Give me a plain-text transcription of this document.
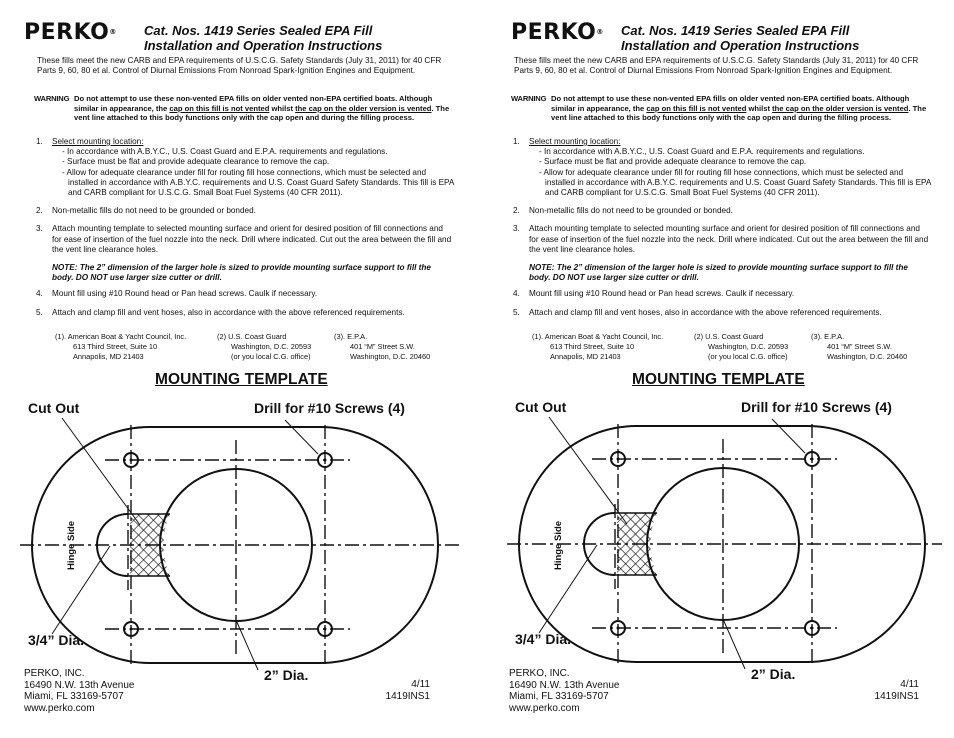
PERKO® Cat. Nos. 1419 Series Sealed EPA Fill
Installation and Operation Instructions
These fills meet the new CARB and EPA requirements of U.S.C.G. Safety Standards (July 31, 2011) for 40 CFR Parts 9, 60, 80 et al. Control of Diurnal Emissions From Nonroad Spark-Ignition Engines and Equipment.
WARNING Do not attempt to use these non-vented EPA fills on older vented non-EPA certified boats. Although similar in appearance, the cap on this fill is not vented whilst the cap on the older version is vented. The vent line attached to this body functions only with the cap open and during the filling process.
1. Select mounting location:
- In accordance with A.B.Y.C., U.S. Coast Guard and E.P.A. requirements and regulations.
- Surface must be flat and provide adequate clearance to remove the cap.
- Allow for adequate clearance under fill for routing fill hose connections, which must be selected and installed in accordance with A.B.Y.C. requirements and U.S. Coast Guard Safety Standards. This fill is EPA and CARB compliant for U.S.C.G. Small Boat Fuel Systems (40 CFR 2011).
2. Non-metallic fills do not need to be grounded or bonded.
3. Attach mounting template to selected mounting surface and orient for desired position of fill connections and for ease of insertion of the fuel nozzle into the neck. Drill where indicated. Cut out the area between the fill and the vent line clearance holes.
NOTE: The 2” dimension of the larger hole is sized to provide mounting surface support to fill the body. DO NOT use larger size cutter or drill.
4. Mount fill using #10 Round head or Pan head screws. Caulk if necessary.
5. Attach and clamp fill and vent hoses, also in accordance with the above referenced requirements.
(1). American Boat & Yacht Council, Inc.
613 Third Street, Suite 10
Annapolis, MD 21403
(2) U.S. Coast Guard
Washington, D.C. 20593
(or you local C.G. office)
(3). E.P.A.
401 “M” Street S.W.
Washington, D.C. 20460
MOUNTING TEMPLATE
Cut Out	Drill for #10 Screws (4)
3/4” Dia.
2” Dia.
Hinge Side
PERKO, INC.
16490 N.W. 13th Avenue
Miami, FL 33169-5707
www.perko.com
4/11
1419INS1
PERKO® Cat. Nos. 1419 Series Sealed EPA Fill
Installation and Operation Instructions
These fills meet the new CARB and EPA requirements of U.S.C.G. Safety Standards (July 31, 2011) for 40 CFR Parts 9, 60, 80 et al. Control of Diurnal Emissions From Nonroad Spark-Ignition Engines and Equipment.
WARNING Do not attempt to use these non-vented EPA fills on older vented non-EPA certified boats. Although similar in appearance, the cap on this fill is not vented whilst the cap on the older version is vented. The vent line attached to this body functions only with the cap open and during the filling process.
1. Select mounting location:
- In accordance with A.B.Y.C., U.S. Coast Guard and E.P.A. requirements and regulations.
- Surface must be flat and provide adequate clearance to remove the cap.
- Allow for adequate clearance under fill for routing fill hose connections, which must be selected and installed in accordance with A.B.Y.C. requirements and U.S. Coast Guard Safety Standards. This fill is EPA and CARB compliant for U.S.C.G. Small Boat Fuel Systems (40 CFR 2011).
2. Non-metallic fills do not need to be grounded or bonded.
3. Attach mounting template to selected mounting surface and orient for desired position of fill connections and for ease of insertion of the fuel nozzle into the neck. Drill where indicated. Cut out the area between the fill and the vent line clearance holes.
NOTE: The 2” dimension of the larger hole is sized to provide mounting surface support to fill the body. DO NOT use larger size cutter or drill.
4. Mount fill using #10 Round head or Pan head screws. Caulk if necessary.
5. Attach and clamp fill and vent hoses, also in accordance with the above referenced requirements.
(1). American Boat & Yacht Council, Inc.
613 Third Street, Suite 10
Annapolis, MD 21403
(2) U.S. Coast Guard
Washington, D.C. 20593
(or you local C.G. office)
(3). E.P.A.
401 “M” Street S.W.
Washington, D.C. 20460
MOUNTING TEMPLATE
Cut Out	Drill for #10 Screws (4)
3/4” Dia.
2” Dia.
Hinge Side
PERKO, INC.
16490 N.W. 13th Avenue
Miami, FL 33169-5707
www.perko.com
4/11
1419INS1
